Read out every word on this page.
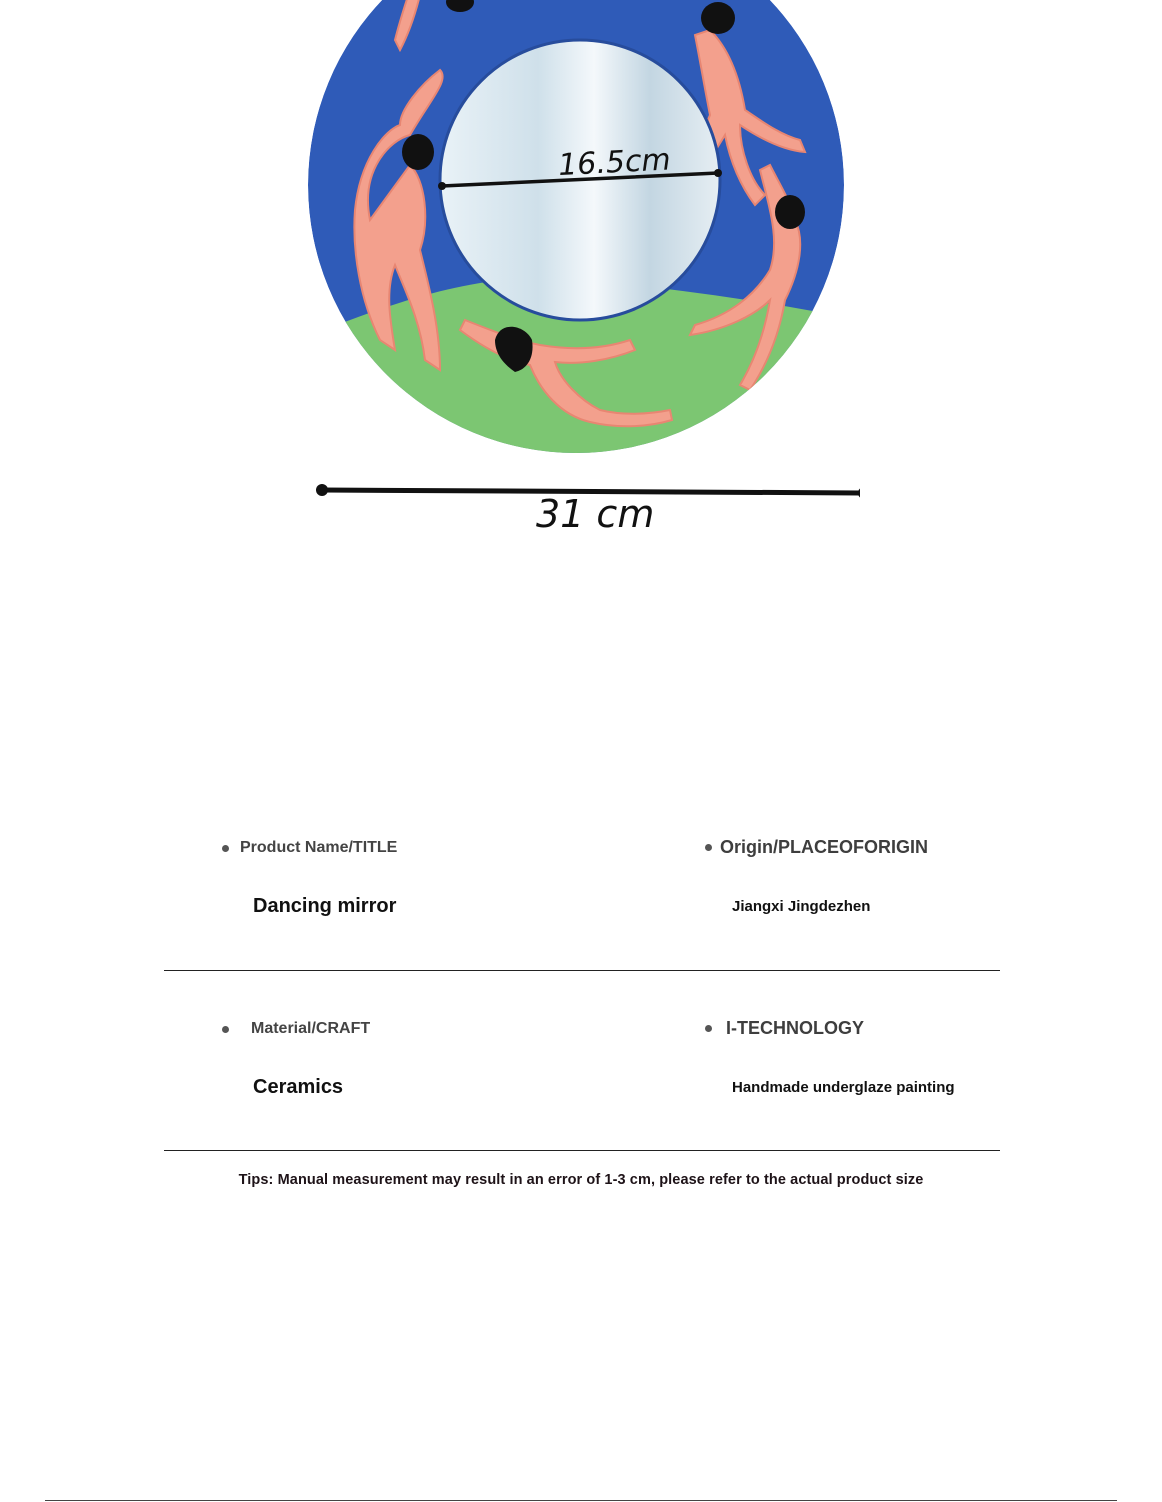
16.5cm
31 cm
Product Name/TITLE
Dancing mirror
Origin/PLACEOFORIGIN
Jiangxi Jingdezhen
Material/CRAFT
Ceramics
I-TECHNOLOGY
Handmade underglaze painting
Tips: Manual measurement may result in an error of 1-3 cm, please refer to the actual product size
